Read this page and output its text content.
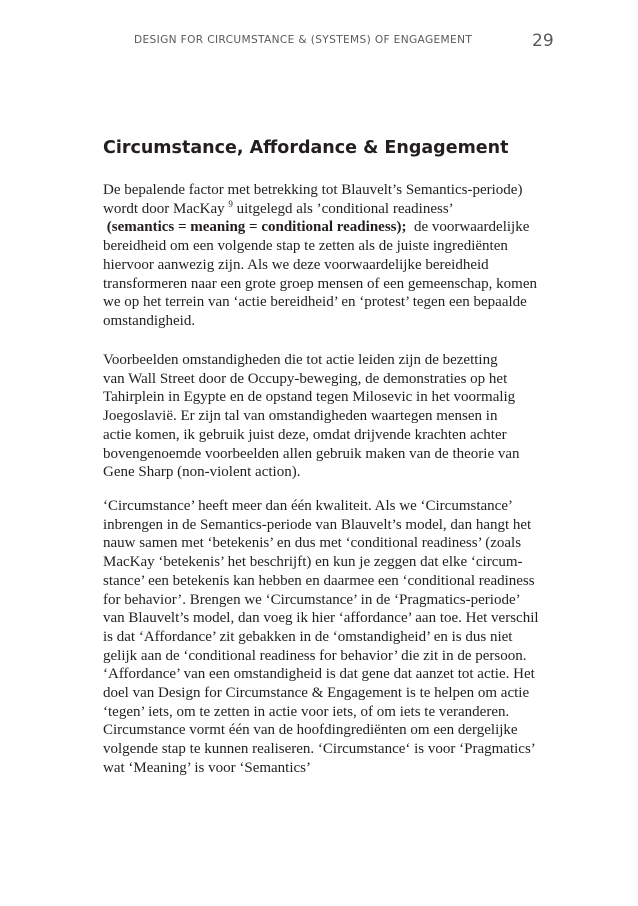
DESIGN FOR CIRCUMSTANCE & (SYSTEMS) OF ENGAGEMENT	29
Circumstance, Affordance & Engagement
De bepalende factor met betrekking tot Blauvelt’s Semantics-periode)
wordt door MacKay $^9$ uitgelegd als ’conditional readiness’
(semantics = meaning = conditional readiness);  de voorwaardelijke
bereidheid om een volgende stap te zetten als de juiste ingrediënten
hiervoor aanwezig zijn. Als we deze voorwaardelijke bereidheid
transformeren naar een grote groep mensen of een gemeenschap, komen
we op het terrein van ‘actie bereidheid’ en ‘protest’ tegen een bepaalde
omstandigheid.
Voorbeelden omstandigheden die tot actie leiden zijn de bezetting
van Wall Street door de Occupy-beweging, de demonstraties op het
Tahirplein in Egypte en de opstand tegen Milosevic in het voormalig
Joegoslavië. Er zijn tal van omstandigheden waartegen mensen in
actie komen, ik gebruik juist deze, omdat drijvende krachten achter
bovengenoemde voorbeelden allen gebruik maken van de theorie van
Gene Sharp (non-violent action).
‘Circumstance’ heeft meer dan één kwaliteit. Als we ‘Circumstance’
inbrengen in de Semantics-periode van Blauvelt’s model, dan hangt het
nauw samen met ‘betekenis’ en dus met ‘conditional readiness’ (zoals
MacKay ‘betekenis’ het beschrijft) en kun je zeggen dat elke ‘circum-
stance’ een betekenis kan hebben en daarmee een ‘conditional readiness
for behavior’. Brengen we ‘Circumstance’ in de ‘Pragmatics-periode’
van Blauvelt’s model, dan voeg ik hier ‘affordance’ aan toe. Het verschil
is dat ‘Affordance’ zit gebakken in de ‘omstandigheid’ en is dus niet
gelijk aan de ‘conditional readiness for behavior’ die zit in de persoon.
‘Affordance’ van een omstandigheid is dat gene dat aanzet tot actie. Het
doel van Design for Circumstance & Engagement is te helpen om actie
‘tegen’ iets, om te zetten in actie voor iets, of om iets te veranderen.
Circumstance vormt één van de hoofdingrediënten om een dergelijke
volgende stap te kunnen realiseren. ‘Circumstance‘ is voor ‘Pragmatics’
wat ‘Meaning’ is voor ‘Semantics’
